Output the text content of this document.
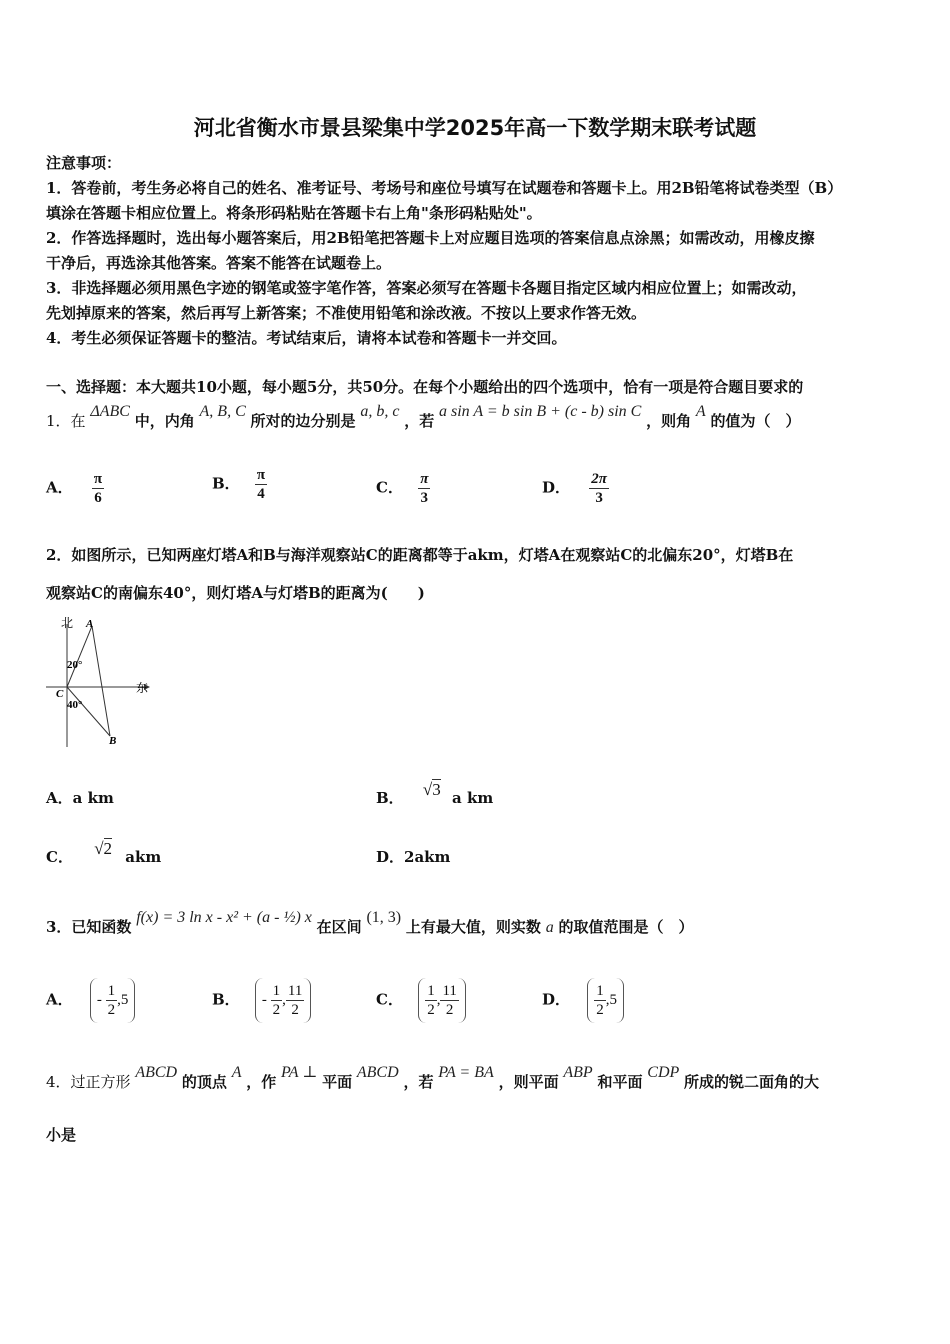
河北省衡水市景县梁集中学2025年高一下数学期末联考试题
注意事项：
1．答卷前，考生务必将自己的姓名、准考证号、考场号和座位号填写在试题卷和答题卡上。用2B铅笔将试卷类型（B）
填涂在答题卡相应位置上。将条形码粘贴在答题卡右上角"条形码粘贴处"。
2．作答选择题时，选出每小题答案后，用2B铅笔把答题卡上对应题目选项的答案信息点涂黑；如需改动，用橡皮擦
干净后，再选涂其他答案。答案不能答在试题卷上。
3．非选择题必须用黑色字迹的钢笔或签字笔作答，答案必须写在答题卡各题目指定区域内相应位置上；如需改动，
先划掉原来的答案，然后再写上新答案；不准使用铅笔和涂改液。不按以上要求作答无效。
4．考生必须保证答题卡的整洁。考试结束后，请将本试卷和答题卡一并交回。
一、选择题：本大题共10小题，每小题5分，共50分。在每个小题给出的四个选项中，恰有一项是符合题目要求的
1．在 ΔABC 中，内角 A, B, C 所对的边分别是 a, b, c ，若 a sin A = b sin B + (c - b) sin C ，则角 A 的值为（　）
A． $\frac{\pi}{6}$	B． $\frac{\pi}{4}$	C． $\frac{\pi}{3}$	D． $\frac{2\pi}{3}$
2．如图所示，已知两座灯塔A和B与海洋观察站C的距离都等于akm，灯塔A在观察站C的北偏东20°，灯塔B在
观察站C的南偏东40°，则灯塔A与灯塔B的距离为(　　)
北
东
A
B
C
20°
40°
A．a km	B． √3 a km
C． √2 akm	D．2akm
3．已知函数 f(x) = 3 ln x - x² + (a - ½) x 在区间 (1, 3) 上有最大值，则实数 a 的取值范围是（　）
A． - $\frac{1}{2} ,5$	B． - $\frac{1}{2}$ , $\frac{11}{2}$	C． $\frac{1}{2}$ , $\frac{11}{2}$	D． $\frac{1}{2} ,5$
4．过正方形 ABCD 的顶点 A ，作 PA ⊥ 平面 ABCD ，若 PA = BA ，则平面 ABP 和平面 CDP 所成的锐二面角的大
小是
